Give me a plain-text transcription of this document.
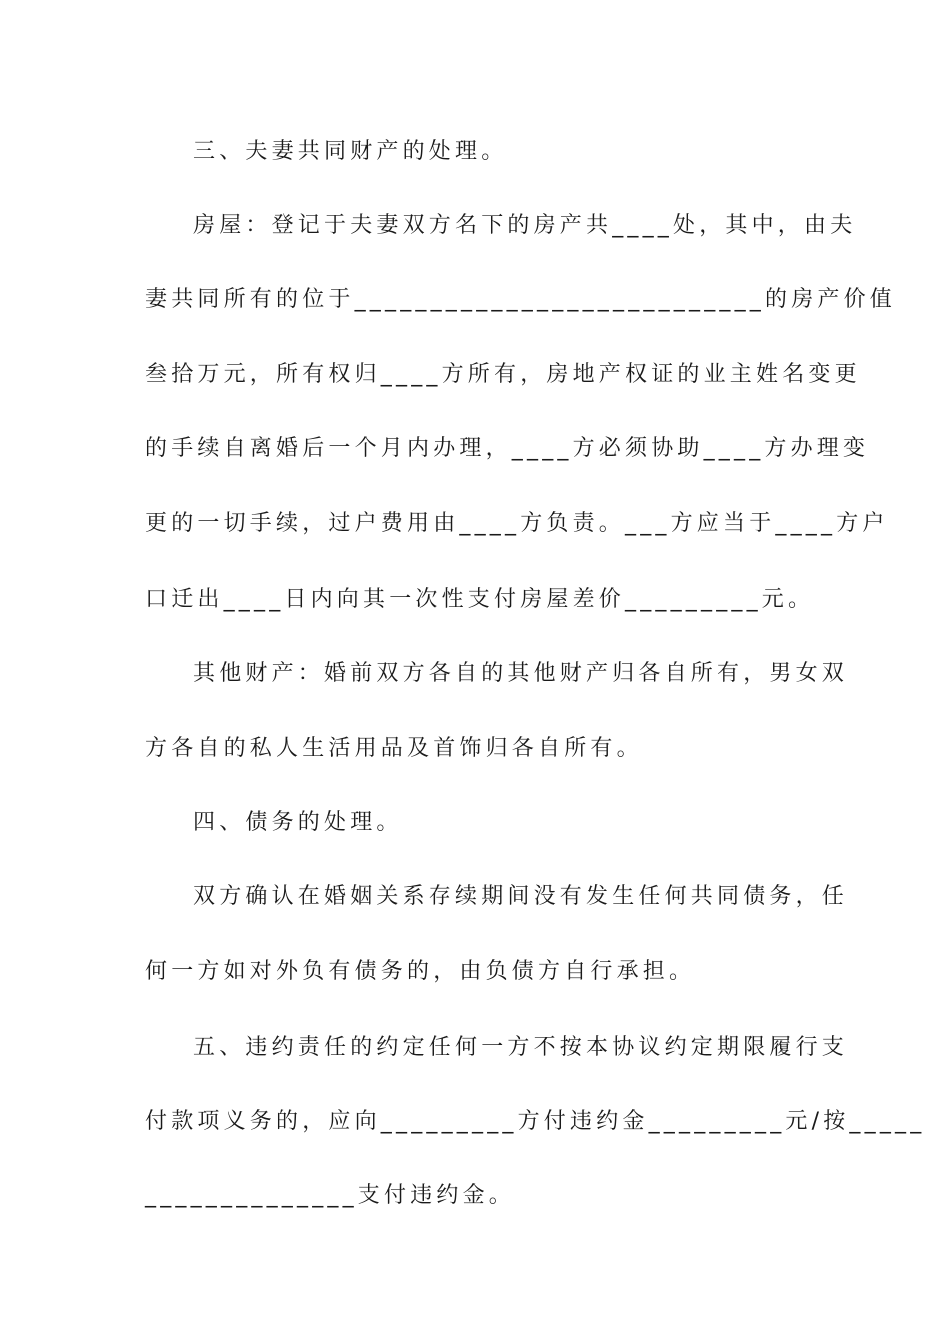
三、夫妻共同财产的处理。
房屋：登记于夫妻双方名下的房产共____处，其中，由夫
妻共同所有的位于___________________________的房产价值
叁拾万元，所有权归____方所有，房地产权证的业主姓名变更
的手续自离婚后一个月内办理，____方必须协助____方办理变
更的一切手续，过户费用由____方负责。___方应当于____方户
口迁出____日内向其一次性支付房屋差价_________元。
其他财产：婚前双方各自的其他财产归各自所有，男女双
方各自的私人生活用品及首饰归各自所有。
四、债务的处理。
双方确认在婚姻关系存续期间没有发生任何共同债务，任
何一方如对外负有债务的，由负债方自行承担。
五、违约责任的约定任何一方不按本协议约定期限履行支
付款项义务的，应向_________方付违约金_________元/按_____
______________支付违约金。
